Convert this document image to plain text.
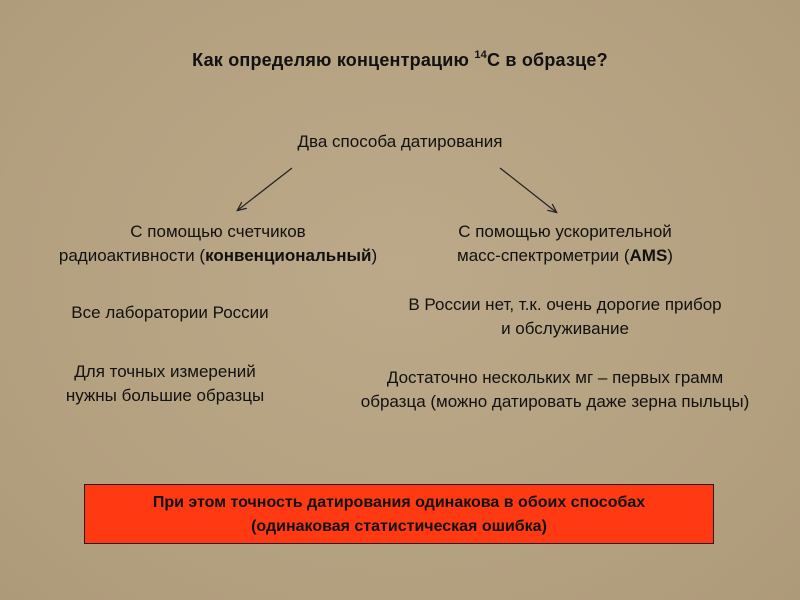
Как определяю концентрацию $^{14}$C в образце?
Два способа датирования
С помощью счетчиков
радиоактивности (конвенциональный)
С помощью ускорительной
масс-спектрометрии (AMS)
Все лаборатории России	В России нет, т.к. очень дорогие прибор
и обслуживание
Для точных измерений
нужны большие образцы
Достаточно нескольких мг – первых грамм
образца (можно датировать даже зерна пыльцы)
При этом точность датирования одинакова в обоих способах
(одинаковая статистическая ошибка)
